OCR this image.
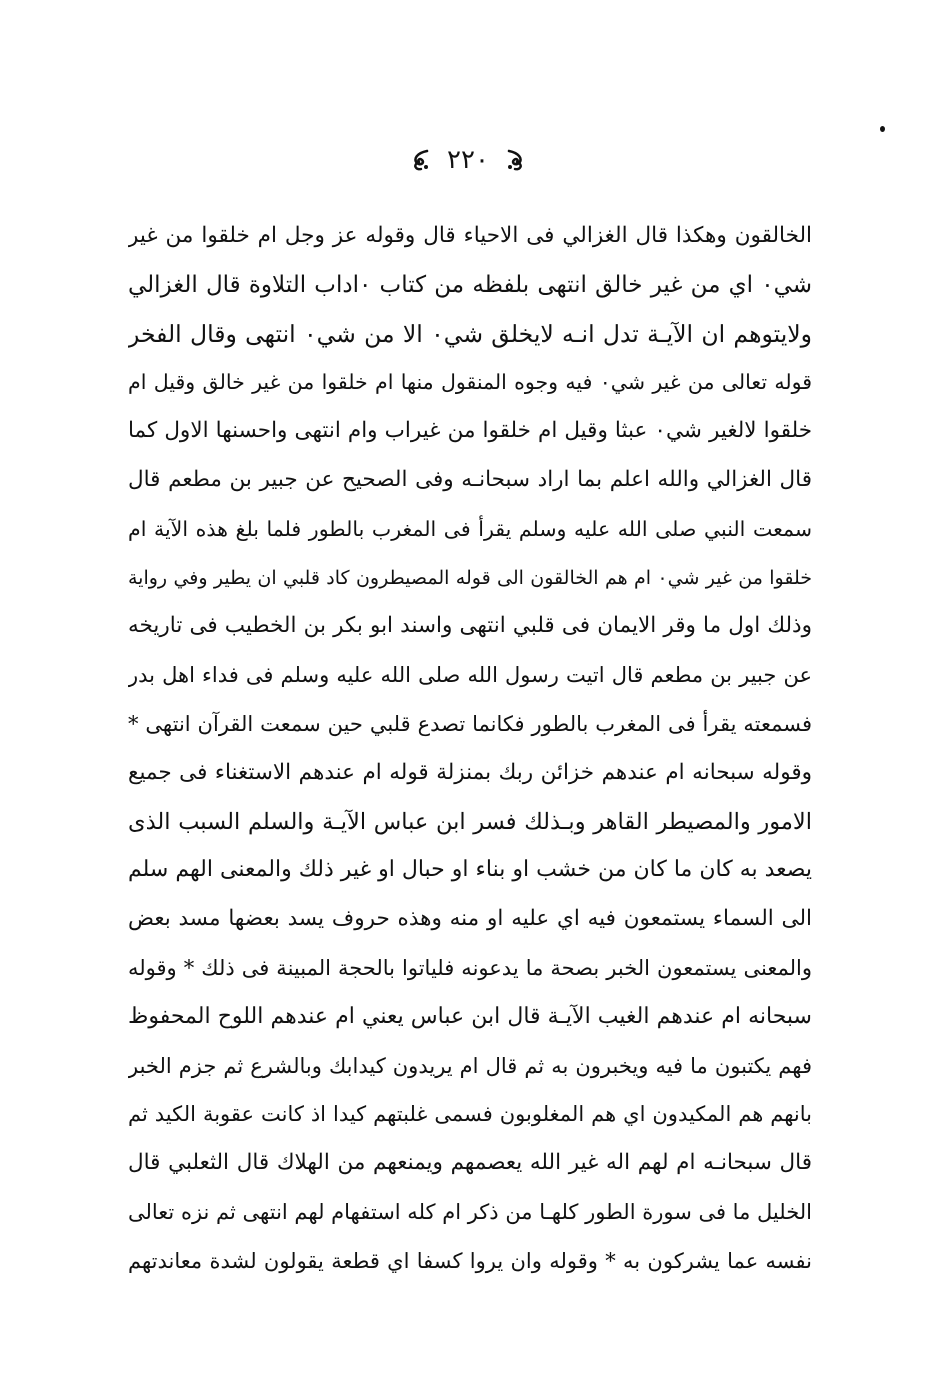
٢٢٠
الخالقون وهكذا قال الغزالي فى الاحياء قال وقوله عز وجل ام خلقوا من غير
شي٠ اي من غير خالق انتهى بلفظه من كتاب ٠اداب التلاوة قال الغزالي
ولايتوهم ان الآيـة تدل انـه لايخلق شي٠ الا من شي٠ انتهى وقال الفخر
قوله تعالى من غير شي٠ فيه وجوه المنقول منها ام خلقوا من غير خالق وقيل ام
خلقوا لالغير شي٠ عبثا وقيل ام خلقوا من غيراب وام انتهى واحسنها الاول كما
قال الغزالي والله اعلم بما اراد سبحانـه وفى الصحيح عن جبير بن مطعم قال
سمعت النبي صلى الله عليه وسلم يقرأ فى المغرب بالطور فلما بلغ هذه الآية ام
خلقوا من غير شي٠ ام هم الخالقون الى قوله المصيطرون كاد قلبي ان يطير وفي رواية
وذلك اول ما وقر الايمان فى قلبي انتهى واسند ابو بكر بن الخطيب فى تاريخه
عن جبير بن مطعم قال اتيت رسول الله صلى الله عليه وسلم فى فداء اهل بدر
فسمعته يقرأ فى المغرب بالطور فكانما تصدع قلبي حين سمعت القرآن انتهى *
وقوله سبحانه ام عندهم خزائن ربك بمنزلة قوله ام عندهم الاستغناء فى جميع
الامور والمصيطر القاهر وبـذلك فسر ابن عباس الآيـة والسلم السبب الذى
يصعد به كان ما كان من خشب او بناء او حبال او غير ذلك والمعنى الهم سلم
الى السماء يستمعون فيه اي عليه او منه وهذه حروف يسد بعضها مسد بعض
والمعنى يستمعون الخبر بصحة ما يدعونه فلياتوا بالحجة المبينة فى ذلك * وقوله
سبحانه ام عندهم الغيب الآيـة قال ابن عباس يعني ام عندهم اللوح المحفوظ
فهم يكتبون ما فيه ويخبرون به ثم قال ام يريدون كيدابك وبالشرع ثم جزم الخبر
بانهم هم المكيدون اي هم المغلوبون فسمى غلبتهم كيدا اذ كانت عقوبة الكيد ثم
قال سبحانـه ام لهم اله غير الله يعصمهم ويمنعهم من الهلاك قال الثعلبي قال
الخليل ما فى سورة الطور كلهـا من ذكر ام كله استفهام لهم انتهى ثم نزه تعالى
نفسه عما يشركون به * وقوله وان يروا كسفا اي قطعة يقولون لشدة معاندتهم
